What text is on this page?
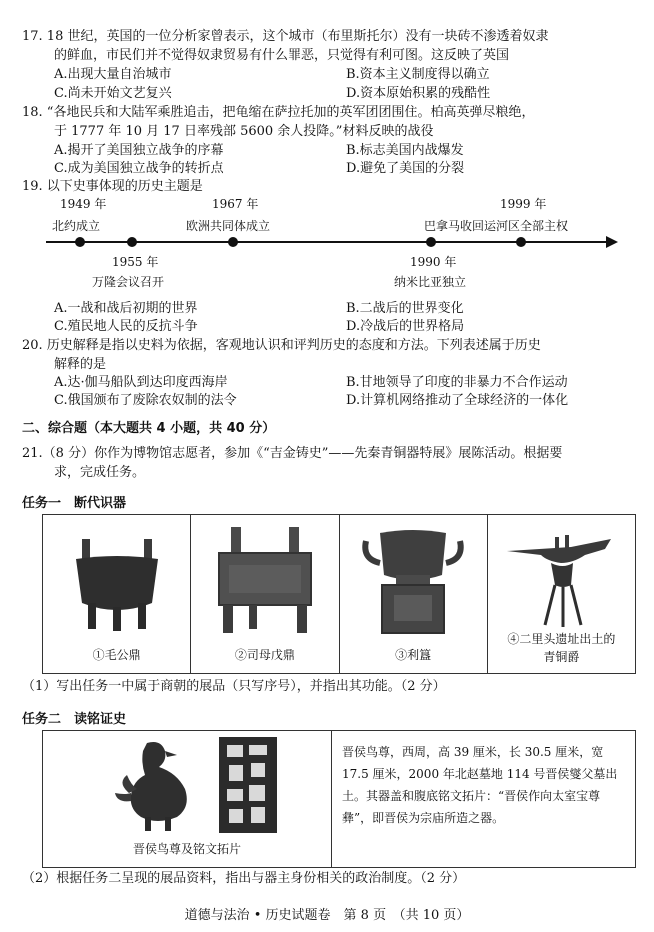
17. 18 世纪，英国的一位分析家曾表示，这个城市（布里斯托尔）没有一块砖不渗透着奴隶
的鲜血，市民们并不觉得奴隶贸易有什么罪恶，只觉得有利可图。这反映了英国
A.出现大量自治城市	B.资本主义制度得以确立
C.尚未开始文艺复兴	D.资本原始积累的残酷性
18. “各地民兵和大陆军乘胜追击，把龟缩在萨拉托加的英军团团围住。柏高英弹尽粮绝，
于 1777 年 10 月 17 日率残部 5600 余人投降。”材料反映的战役
A.揭开了美国独立战争的序幕	B.标志美国内战爆发
C.成为美国独立战争的转折点	D.避免了美国的分裂
19. 以下史事体现的历史主题是
1949 年
北约成立
1955 年
万隆会议召开
1967 年
欧洲共同体成立
1990 年
纳米比亚独立
1999 年
巴拿马收回运河区全部主权
A.一战和战后初期的世界	B.二战后的世界变化
C.殖民地人民的反抗斗争	D.冷战后的世界格局
20. 历史解释是指以史料为依据，客观地认识和评判历史的态度和方法。下列表述属于历史
解释的是
A.达·伽马船队到达印度西海岸	B.甘地领导了印度的非暴力不合作运动
C.俄国颁布了废除农奴制的法令	D.计算机网络推动了全球经济的一体化
二、综合题（本大题共 4 小题，共 40 分）
21.（8 分）你作为博物馆志愿者，参加《“吉金铸史”——先秦青铜器特展》展陈活动。根据要
求，完成任务。
任务一　断代识器
①毛公鼎	②司母戊鼎	③利簋
④二里头遗址出土的
青铜爵
（1）写出任务一中属于商朝的展品（只写序号），并指出其功能。（2 分）
任务二　读铭证史
晋侯鸟尊及铭文拓片
晋侯鸟尊，西周，高 39 厘米，长 30.5 厘米，宽 17.5 厘米，2000 年北赵墓地 114 号晋侯燮父墓出土。其器盖和腹底铭文拓片：“晋侯作向太室宝尊彝”，即晋侯为宗庙所造之器。
（2）根据任务二呈现的展品资料，指出与器主身份相关的政治制度。（2 分）
道德与法治 • 历史试题卷　第 8 页　（共 10 页）
